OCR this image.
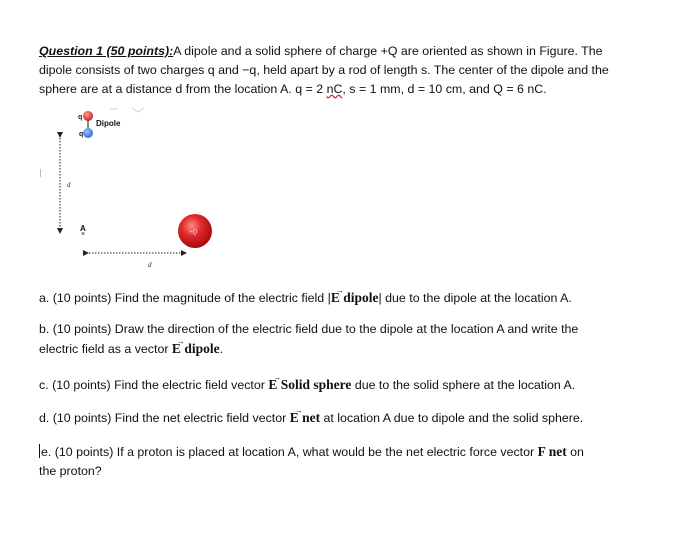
Question 1 (50 points):A dipole and a solid sphere of charge +Q are oriented as shown in Figure. The
dipole consists of two charges q and −q, held apart by a rod of length s. The center of the dipole and the
sphere are at a distance d from the location A. q = 2 nC, s = 1 mm, d = 10 cm, and Q = 6 nC.
q
q
Dipole
d
A
×
d
+Q
a. (10 points) Find the magnitude of the electric field |→ E dipole| due to the dipole at the location A.
b. (10 points) Draw the direction of the electric field due to the dipole at the location A and write the
electric field as a vector → E dipole.
c. (10 points) Find the electric field vector → E Solid sphere due to the solid sphere at the location A.
d. (10 points) Find the net electric field vector → E net at location A due to dipole and the solid sphere.
e. (10 points) If a proton is placed at location A, what would be the net electric force vector F net on
the proton?
